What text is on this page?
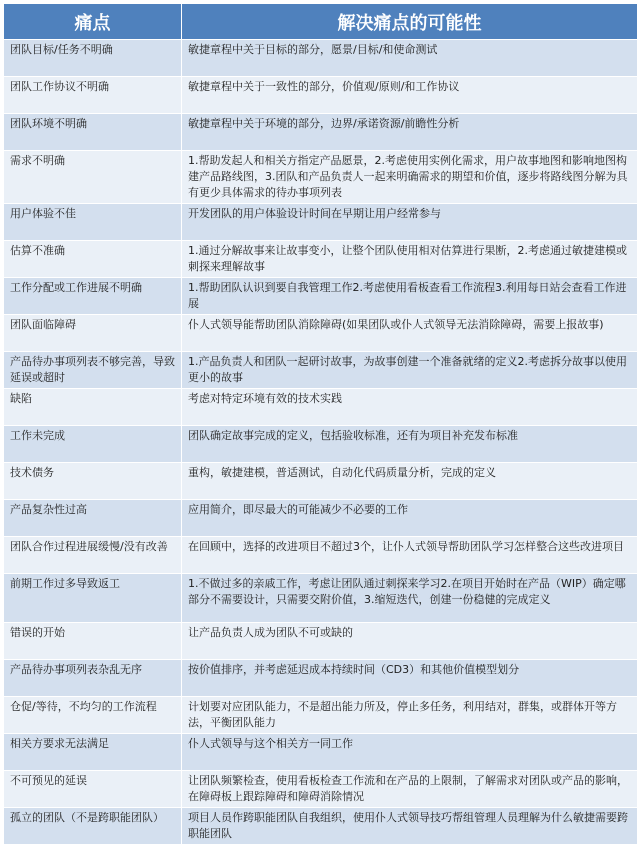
痛点	解决痛点的可能性
团队目标/任务不明确	敏捷章程中关于目标的部分，愿景/目标/和使命测试
团队工作协议不明确	敏捷章程中关于一致性的部分，价值观/原则/和工作协议
团队环境不明确	敏捷章程中关于环境的部分，边界/承诺资源/前瞻性分析
需求不明确	1.帮助发起人和相关方指定产品愿景，2.考虑使用实例化需求，用户故事地图和影响地图构建产品路线图，3.团队和产品负责人一起来明确需求的期望和价值，逐步将路线图分解为具有更少具体需求的待办事项列表
用户体验不佳	开发团队的用户体验设计时间在早期让用户经常参与
估算不准确	1.通过分解故事来让故事变小，让整个团队使用相对估算进行果断，2.考虑通过敏捷建模或刺探来理解故事
工作分配或工作进展不明确	1.帮助团队认识到要自我管理工作2.考虑使用看板查看工作流程3.利用每日站会查看工作进展
团队面临障碍	仆人式领导能帮助团队消除障碍(如果团队或仆人式领导无法消除障碍，需要上报故事)
产品待办事项列表不够完善，导致延误或超时	1.产品负责人和团队一起研讨故事，为故事创建一个准备就绪的定义2.考虑拆分故事以使用更小的故事
缺陷	考虑对特定环境有效的技术实践
工作未完成	团队确定故事完成的定义，包括验收标准，还有为项目补充发布标准
技术债务	重构，敏捷建模，普适测试，自动化代码质量分析，完成的定义
产品复杂性过高	应用简介，即尽最大的可能减少不必要的工作
团队合作过程进展缓慢/没有改善	在回顾中，选择的改进项目不超过3个，让仆人式领导帮助团队学习怎样整合这些改进项目
前期工作过多导致返工	1.不做过多的亲戚工作，考虑让团队通过刺探来学习2.在项目开始时在产品（WIP）确定哪部分不需要设计，只需要交附价值，3.缩短迭代，创建一份稳健的完成定义
错误的开始	让产品负责人成为团队不可或缺的
产品待办事项列表杂乱无序	按价值排序，并考虑延迟成本持续时间（CD3）和其他价值模型划分
仓促/等待，不均匀的工作流程	计划要对应团队能力，不是超出能力所及，停止多任务，利用结对，群集，或群体开等方法，平衡团队能力
相关方要求无法满足	仆人式领导与这个相关方一同工作
不可预见的延误	让团队频繁检查，使用看板检查工作流和在产品的上限制，了解需求对团队或产品的影响，在障碍板上跟踪障碍和障碍消除情况
孤立的团队（不是跨职能团队）	项目人员作跨职能团队自我组织，使用仆人式领导技巧帮组管理人员理解为什么敏捷需要跨职能团队
